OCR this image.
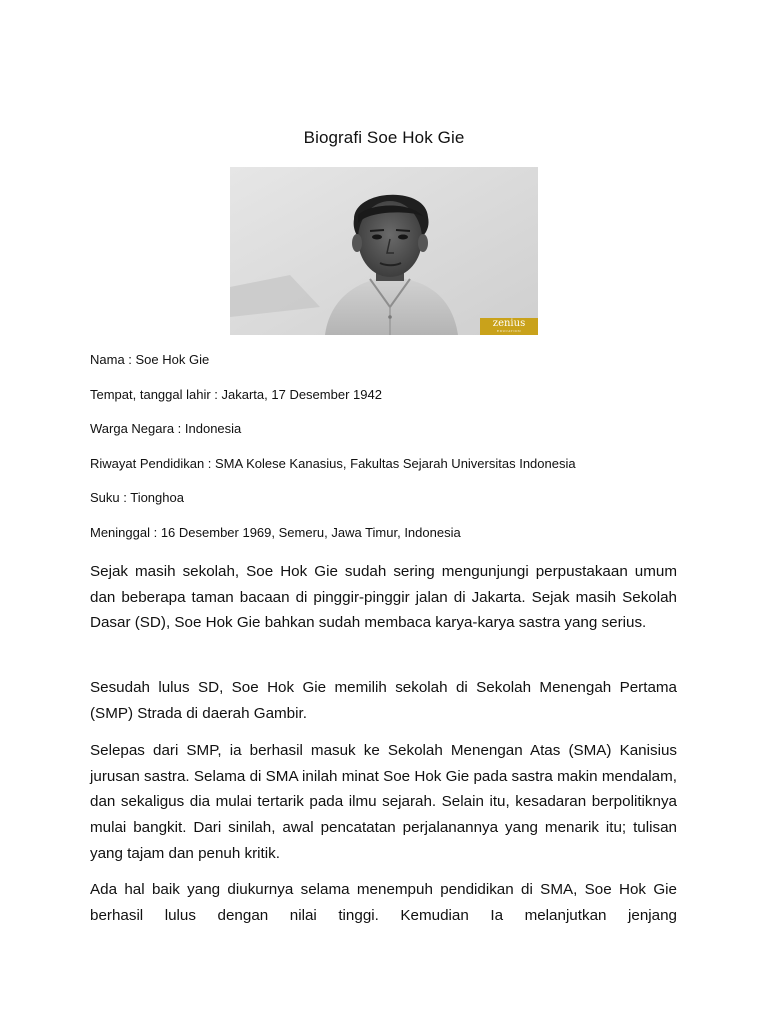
Biografi Soe Hok Gie
zenius
EDUCATION
Nama : Soe Hok Gie
Tempat, tanggal lahir : Jakarta, 17 Desember 1942
Warga Negara : Indonesia
Riwayat Pendidikan : SMA Kolese Kanasius, Fakultas Sejarah Universitas Indonesia
Suku : Tionghoa
Meninggal : 16 Desember 1969, Semeru, Jawa Timur, Indonesia

Sejak masih sekolah, Soe Hok Gie sudah sering mengunjungi perpustakaan umum dan beberapa taman bacaan di pinggir-pinggir jalan di Jakarta. Sejak masih Sekolah Dasar (SD), Soe Hok Gie bahkan sudah membaca karya-karya sastra yang serius.

Sesudah lulus SD, Soe Hok Gie memilih sekolah di Sekolah Menengah Pertama (SMP) Strada di daerah Gambir.

Selepas dari SMP, ia berhasil masuk ke Sekolah Menengan Atas (SMA) Kanisius jurusan sastra. Selama di SMA inilah minat Soe Hok Gie pada sastra makin mendalam, dan sekaligus dia mulai tertarik pada ilmu sejarah. Selain itu, kesadaran berpolitiknya mulai bangkit. Dari sinilah, awal pencatatan perjalanannya yang menarik itu; tulisan yang tajam dan penuh kritik.

Ada hal baik yang diukurnya selama menempuh pendidikan di SMA, Soe Hok Gie berhasil lulus dengan nilai tinggi. Kemudian Ia melanjutkan jenjang
